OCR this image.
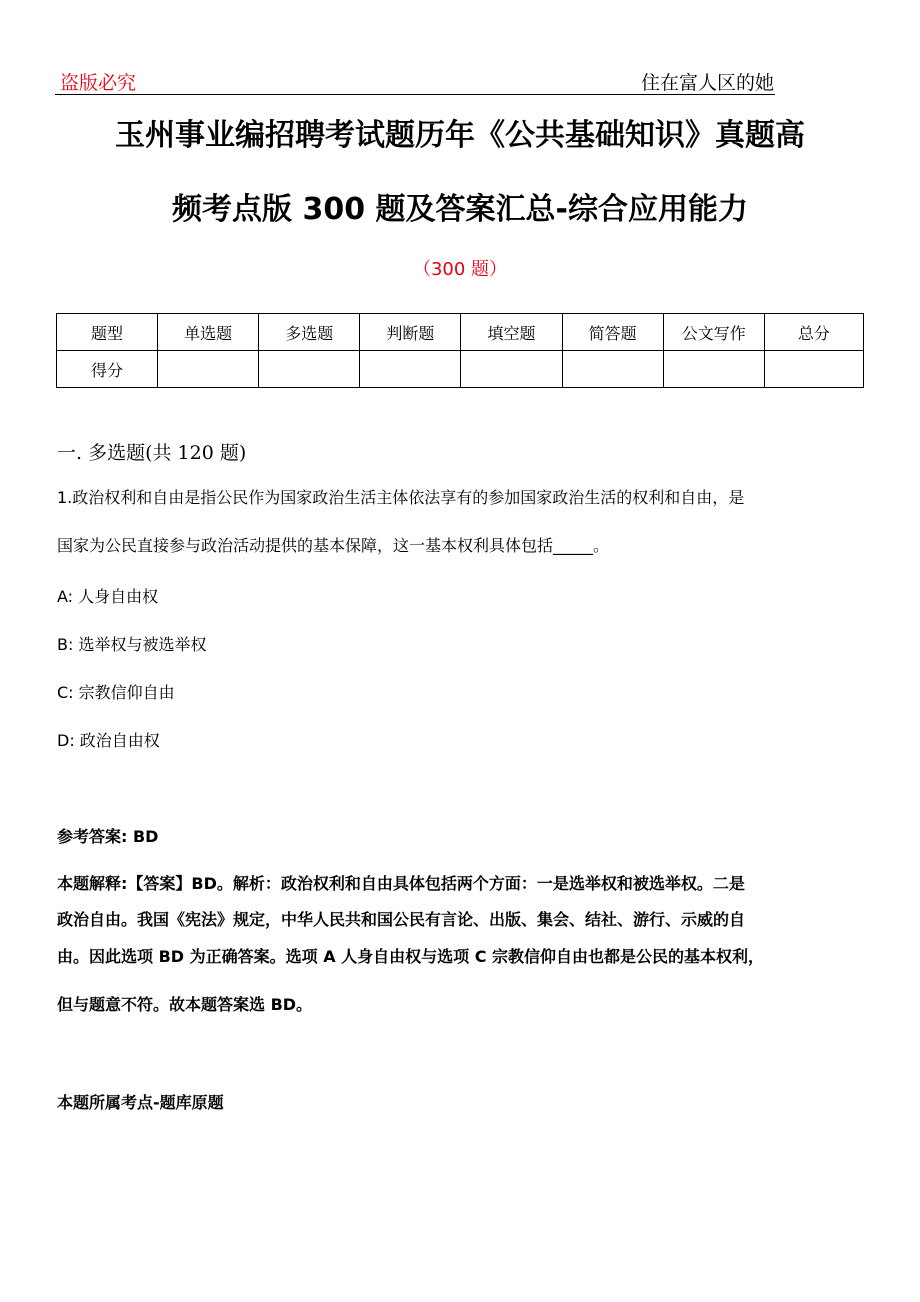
盗版必究	住在富人区的她
玉州事业编招聘考试题历年《公共基础知识》真题高
频考点版 300 题及答案汇总-综合应用能力
（300 题）
题型	单选题	多选题	判断题	填空题	简答题	公文写作	总分
得分							
一. 多选题(共 120 题)
1.政治权利和自由是指公民作为国家政治生活主体依法享有的参加国家政治生活的权利和自由，是
国家为公民直接参与政治活动提供的基本保障，这一基本权利具体包括_____。
A: 人身自由权
B: 选举权与被选举权
C: 宗教信仰自由
D: 政治自由权
参考答案: BD
本题解释:【答案】BD。解析：政治权利和自由具体包括两个方面：一是选举权和被选举权。二是
政治自由。我国《宪法》规定，中华人民共和国公民有言论、出版、集会、结社、游行、示威的自
由。因此选项 BD 为正确答案。选项 A 人身自由权与选项 C 宗教信仰自由也都是公民的基本权利，
但与题意不符。故本题答案选 BD。
本题所属考点-题库原题
